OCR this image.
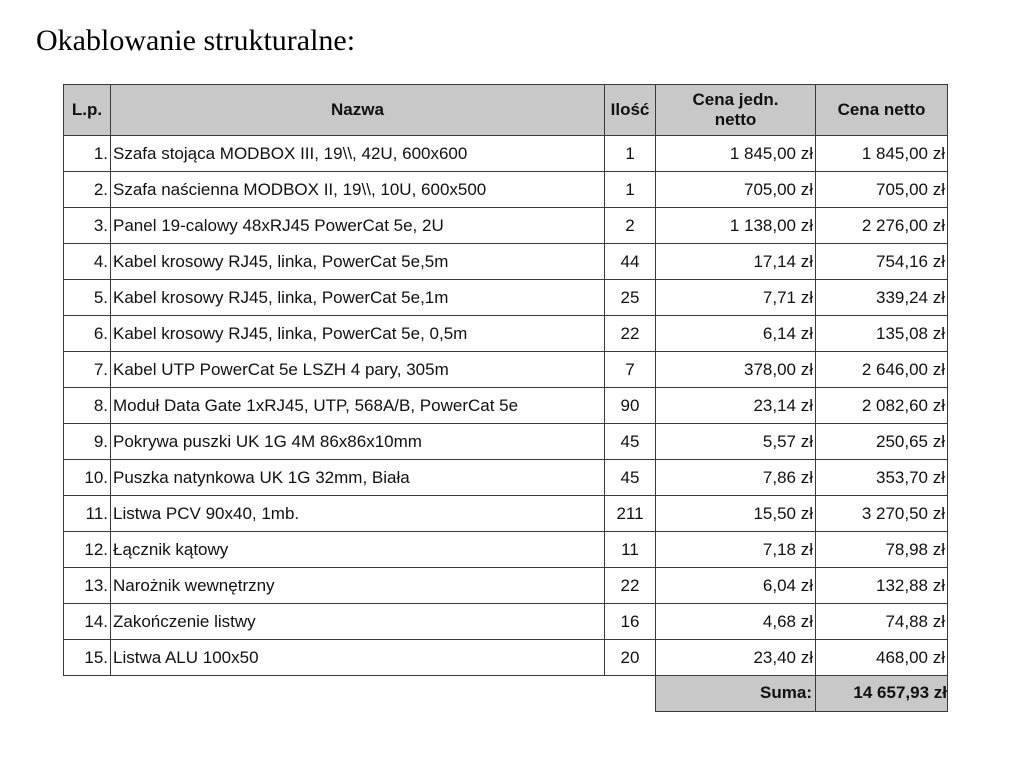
Okablowanie strukturalne:
L.p.	Nazwa	Ilość	Cena jedn. netto	Cena netto
1.	Szafa stojąca MODBOX III, 19\\, 42U, 600x600	1	1 845,00 zł	1 845,00 zł
2.	Szafa naścienna MODBOX II, 19\\, 10U, 600x500	1	705,00 zł	705,00 zł
3.	Panel 19-calowy 48xRJ45 PowerCat 5e, 2U	2	1 138,00 zł	2 276,00 zł
4.	Kabel krosowy RJ45, linka, PowerCat 5e,5m	44	17,14 zł	754,16 zł
5.	Kabel krosowy RJ45, linka, PowerCat 5e,1m	25	7,71 zł	339,24 zł
6.	Kabel krosowy RJ45, linka, PowerCat 5e, 0,5m	22	6,14 zł	135,08 zł
7.	Kabel UTP PowerCat 5e LSZH 4 pary, 305m	7	378,00 zł	2 646,00 zł
8.	Moduł Data Gate 1xRJ45, UTP, 568A/B, PowerCat 5e	90	23,14 zł	2 082,60 zł
9.	Pokrywa puszki UK 1G 4M 86x86x10mm	45	5,57 zł	250,65 zł
10.	Puszka natynkowa UK 1G 32mm, Biała	45	7,86 zł	353,70 zł
11.	Listwa PCV 90x40, 1mb.	211	15,50 zł	3 270,50 zł
12.	Łącznik kątowy	11	7,18 zł	78,98 zł
13.	Narożnik wewnętrzny	22	6,04 zł	132,88 zł
14.	Zakończenie listwy	16	4,68 zł	74,88 zł
15.	Listwa ALU 100x50	20	23,40 zł	468,00 zł
			Suma:	14 657,93 zł
